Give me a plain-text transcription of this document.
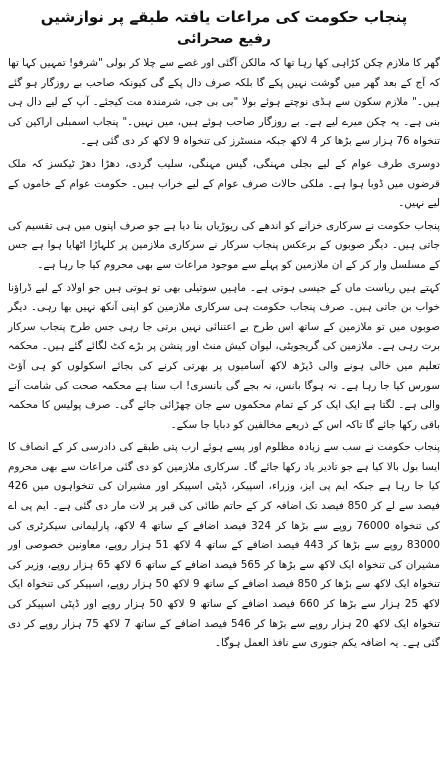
پنجاب حکومت کی مراعات یافتہ طبقے پر نوازشیں
رفیع صحرائی

گھر کا ملازم چکن کڑاہی کھا رہا تھا کہ مالکن آگئی اور غصے سے چلا کر بولی "شرفو! تمہیں کہا تھا کہ آج کے بعد گھر میں گوشت نہیں پکے گا بلکہ صرف دال پکے گی کیونکہ صاحب بے روزگار ہو گئے ہیں۔" ملازم سکون سے ہڈی نوچتے ہوئے بولا "بی بی جی، شرمندہ مت کیجئے۔ آپ کے لیے دال ہی بنی ہے۔ یہ چکن میرے لیے ہے۔ بے روزگار صاحب ہوئے ہیں، میں نہیں۔" پنجاب اسمبلی اراکین کی تنخواہ 76 ہزار سے بڑھا کر 4 لاکھ جبکہ منسٹرز کی تنخواہ 9 لاکھ کر دی گئی ہے۔

دوسری طرف عوام کے لیے بجلی مہنگی، گیس مہنگی، سلیب گردی، دھڑا دھڑ ٹیکسز کہ ملک قرضوں میں ڈوبا ہوا ہے۔ ملکی حالات صرف عوام کے لیے خراب ہیں۔ حکومت عوام کے خاموں کے لیے نہیں۔

پنجاب حکومت نے سرکاری خزانے کو اندھے کی ریوڑیاں بنا دیا ہے جو صرف اپنوں میں ہی تقسیم کی جاتی ہیں۔ دیگر صوبوں کے برعکس پنجاب سرکار نے سرکاری ملازمین پر کلہاڑا اٹھایا ہوا ہے جس کے مسلسل وار کر کے ان ملازمین کو پہلے سے موجود مراعات سے بھی محروم کیا جا رہا ہے۔

کہتے ہیں ریاست ماں کے جیسی ہوتی ہے۔ ماہیں سوتیلی بھی تو ہوتی ہیں جو اولاد کے لیے ڈراؤنا خواب بن جاتی ہیں۔ صرف پنجاب حکومت ہی سرکاری ملازمین کو اپنی آنکھ نہیں بھا رہی۔ دیگر صوبوں میں تو ملازمین کے ساتھ اس طرح بے اعتنائی نہیں برتی جا رہی جس طرح پنجاب سرکار برت رہی ہے۔ ملازمین کی گریجویٹی، لیوان کیش منٹ اور پنشن پر بڑے کٹ لگائے گئے ہیں۔ محکمہ تعلیم میں خالی ہونے والی ڈیڑھ لاکھ آسامیوں پر بھرتی کرنے کی بجائے اسکولوں کو ہی آؤٹ سورس کیا جا رہا ہے۔ نہ ہوگا بانس، نہ بجے گی بانسری! اب سنا ہے محکمہ صحت کی شامت آنے والی ہے۔ لگتا ہے ایک ایک کر کے تمام محکموں سے جان چھڑائی جائے گی۔ صرف پولیس کا محکمہ باقی رکھا جائے گا تاکہ اس کے ذریعے مخالفین کو دبایا جا سکے۔

پنجاب حکومت نے سب سے زیادہ مظلوم اور پسے ہوئے ارب پتی طبقے کی دادرسی کر کے انصاف کا ایسا بول بالا کیا ہے جو تادیر یاد رکھا جائے گا۔ سرکاری ملازمین کو دی گئی مراعات سے بھی محروم کیا جا رہا ہے جبکہ ایم پی ایز، وزراء، اسپیکر، ڈپٹی اسپیکر اور مشیران کی تنخواہوں میں 426 فیصد سے لے کر 850 فیصد تک اضافہ کر کے حاتم طائی کی قبر پر لات مار دی گئی ہے۔ ایم پی اے کی تنخواہ 76000 روپے سے بڑھا کر 324 فیصد اضافے کے ساتھ 4 لاکھ، پارلیمانی سیکرٹری کی 83000 روپے سے بڑھا کر 443 فیصد اضافے کے ساتھ 4 لاکھ 51 ہزار روپے، معاونین خصوصی اور مشیران کی تنخواہ ایک لاکھ سے بڑھا کر 565 فیصد اضافے کے ساتھ 6 لاکھ 65 ہزار روپے، وزیر کی تنخواہ ایک لاکھ سے بڑھا کر 850 فیصد اضافے کے ساتھ 9 لاکھ 50 ہزار روپے، اسپیکر کی تنخواہ ایک لاکھ 25 ہزار سے بڑھا کر 660 فیصد اضافے کے ساتھ 9 لاکھ 50 ہزار روپے اور ڈپٹی اسپیکر کی تنخواہ ایک لاکھ 20 ہزار روپے سے بڑھا کر 546 فیصد اضافے کے ساتھ 7 لاکھ 75 ہزار روپے کر دی گئی ہے۔ یہ اضافہ یکم جنوری سے نافذ العمل ہوگا۔
